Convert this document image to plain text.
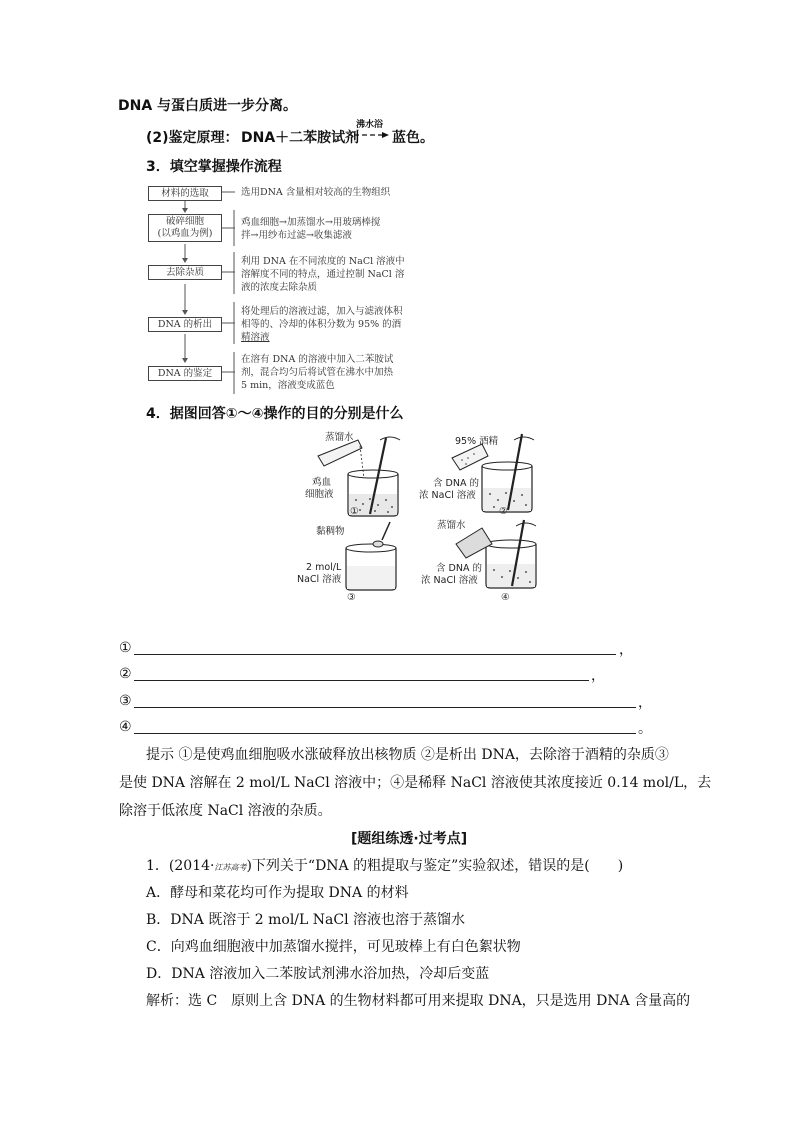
DNA 与蛋白质进一步分离。
(2)鉴定原理： DNA＋二苯胺试剂
沸水浴
→ 蓝色。
3．填空掌握操作流程
材料的选取
破碎细胞
(以鸡血为例)
去除杂质
DNA 的析出
DNA 的鉴定
选用DNA 含量相对较高的生物组织
鸡血细胞→加蒸馏水→用玻璃棒搅
拌→用纱布过滤→收集滤液
利用 DNA 在不同浓度的 NaCl 溶液中
溶解度不同的特点，通过控制 NaCl 溶
液的浓度去除杂质
将处理后的溶液过滤，加入与滤液体积
相等的、冷却的体积分数为 95% 的酒
精溶液
在溶有 DNA 的溶液中加入二苯胺试
剂，混合均匀后将试管在沸水中加热
5 min，溶液变成蓝色
4．据图回答①～④操作的目的分别是什么
蒸馏水
鸡血
细胞液
①
95% 酒精
含 DNA 的
浓 NaCl 溶液
②
黏稠物
2 mol/L
NaCl 溶液
③
蒸馏水
含 DNA 的
浓 NaCl 溶液
④
①	，
②	，
③	，
④	。
提示 ①是使鸡血细胞吸水涨破释放出核物质 ②是析出 DNA，去除溶于酒精的杂质③
是使 DNA 溶解在 2 mol/L NaCl 溶液中；④是稀释 NaCl 溶液使其浓度接近 0.14 mol/L，去
除溶于低浓度 NaCl 溶液的杂质。
[题组练透·过考点]
1．(2014·江苏高考)下列关于“DNA 的粗提取与鉴定”实验叙述，错误的是(　　)
A．酵母和菜花均可作为提取 DNA 的材料
B．DNA 既溶于 2 mol/L NaCl 溶液也溶于蒸馏水
C．向鸡血细胞液中加蒸馏水搅拌，可见玻棒上有白色絮状物
D．DNA 溶液加入二苯胺试剂沸水浴加热，冷却后变蓝
解析：选 C　原则上含 DNA 的生物材料都可用来提取 DNA，只是选用 DNA 含量高的
